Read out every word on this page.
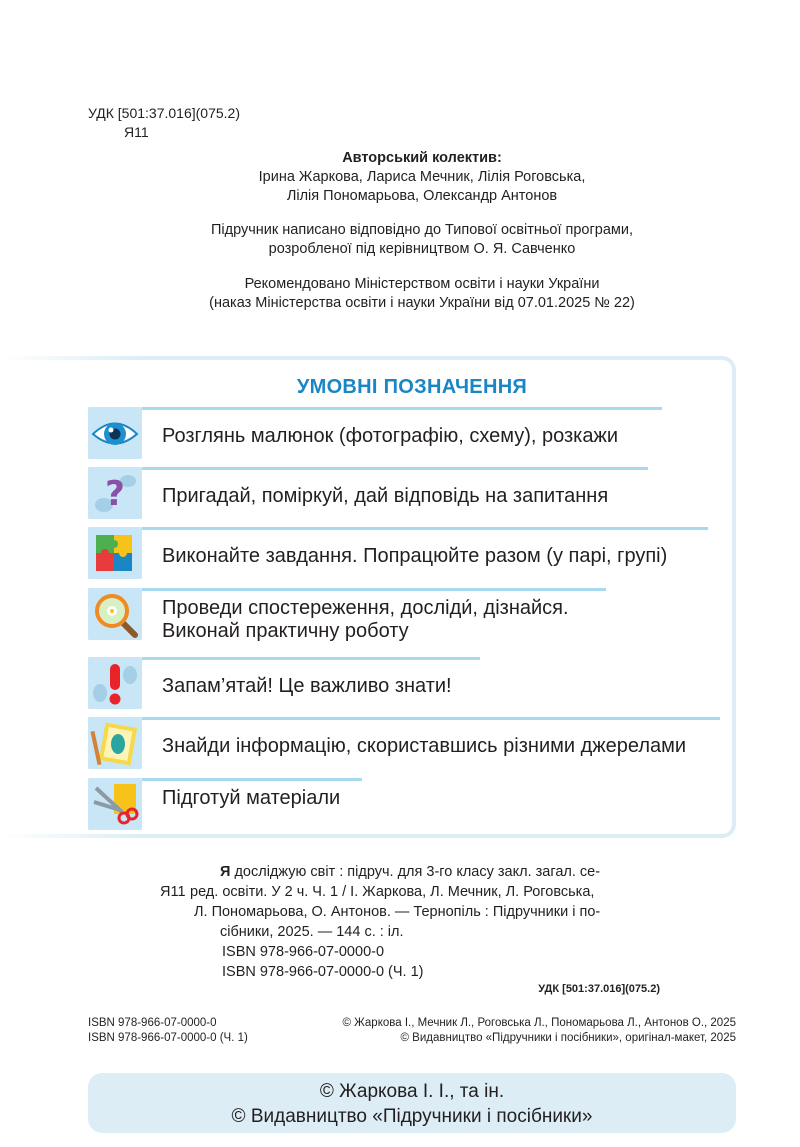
УДК [501:37.016](075.2)
Я11
Авторський колектив:
Ірина Жаркова, Лариса Мечник, Лілія Роговська,
Лілія Пономарьова, Олександр Антонов
Підручник написано відповідно до Типової освітньої програми,
розробленої під керівництвом О. Я. Савченко
Рекомендовано Міністерством освіти і науки України
(наказ Міністерства освіти і науки України від 07.01.2025 № 22)
УМОВНІ ПОЗНАЧЕННЯ
Розглянь малюнок (фотографію, схему), розкажи
? Пригадай, поміркуй, дай відповідь на запитання
Виконайте завдання. Попрацюйте разом (у парі, групі)
Проведи спостереження, досліди́, дізнайся.
Виконай практичну роботу
Запам’ятай! Це важливо знати!
Знайди інформацію, скориставшись різними джерелами
Підготуй матеріали
Я11
Я досліджую світ : підруч. для 3-го класу закл. загал. се-
ред. освіти. У 2 ч. Ч. 1 / І. Жаркова, Л. Мечник, Л. Роговська,
Л. Пономарьова, О. Антонов. — Тернопіль : Підручники і по-
сібники, 2025. — 144 с. : іл.
ISBN 978-966-07-0000-0
ISBN 978-966-07-0000-0 (Ч. 1)
УДК [501:37.016](075.2)
ISBN 978-966-07-0000-0	© Жаркова І., Мечник Л., Роговська Л., Пономарьова Л., Антонов О., 2025
ISBN 978-966-07-0000-0 (Ч. 1)	© Видавництво «Підручники і посібники», оригінал-макет, 2025
© Жаркова І. І., та ін.
© Видавництво «Підручники і посібники»
